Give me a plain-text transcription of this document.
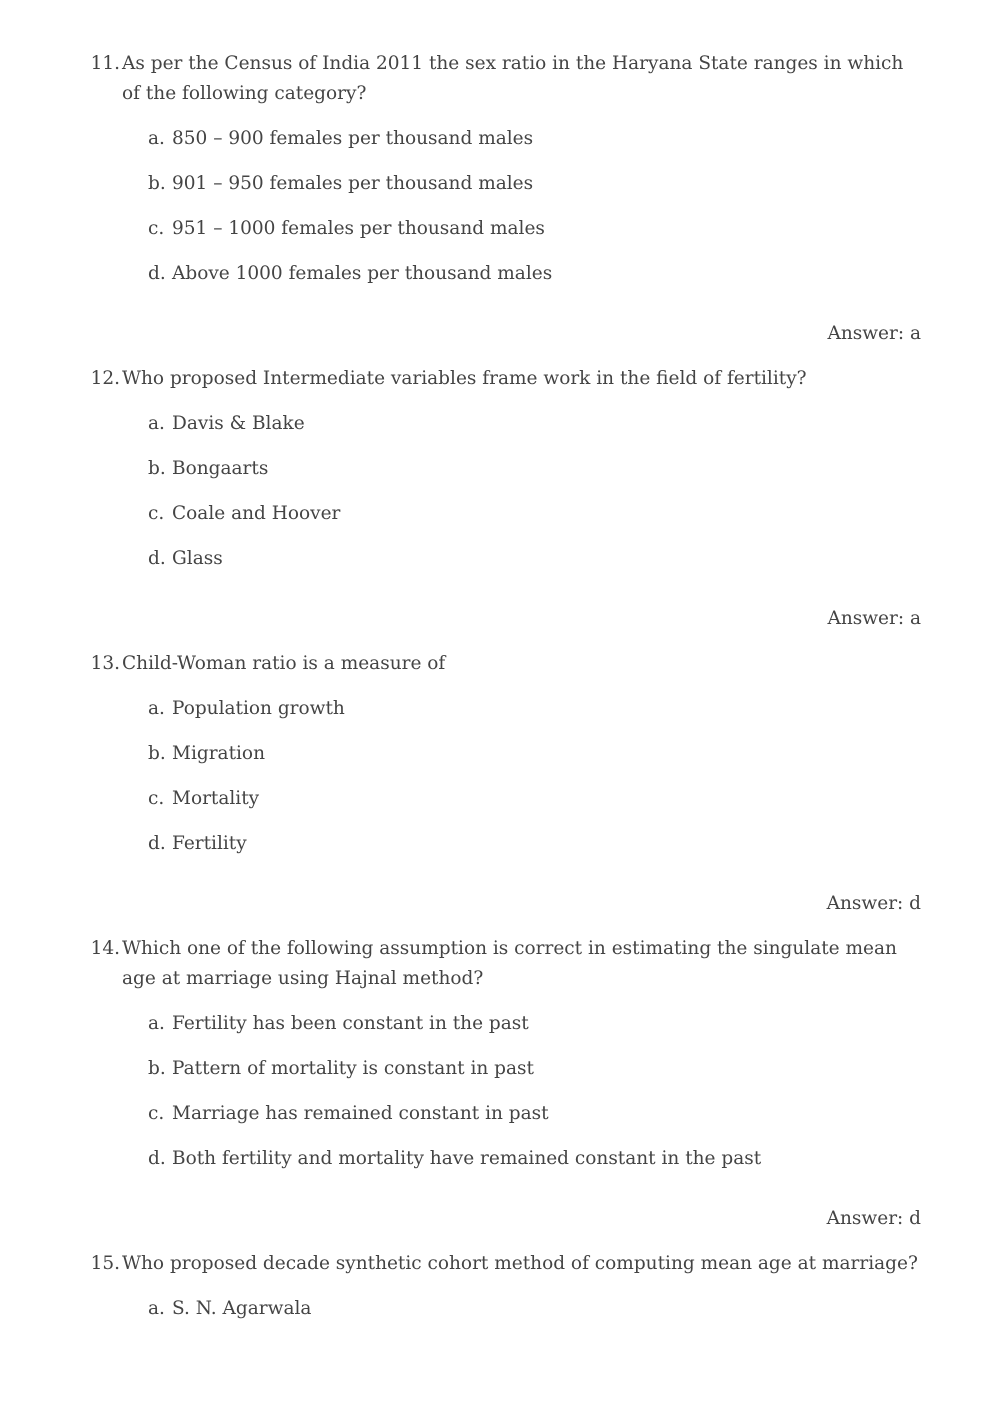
11. As per the Census of India 2011 the sex ratio in the Haryana State ranges in which of the following category?
a. 850 – 900 females per thousand males
b. 901 – 950 females per thousand males
c. 951 – 1000 females per thousand males
d. Above 1000 females per thousand males
Answer: a
12. Who proposed Intermediate variables frame work in the field of fertility?
a. Davis & Blake
b. Bongaarts
c. Coale and Hoover
d. Glass
Answer: a
13. Child-Woman ratio is a measure of
a. Population growth
b. Migration
c. Mortality
d. Fertility
Answer: d
14. Which one of the following assumption is correct in estimating the singulate mean age at marriage using Hajnal method?
a. Fertility has been constant in the past
b. Pattern of mortality is constant in past
c. Marriage has remained constant in past
d. Both fertility and mortality have remained constant in the past
Answer: d
15. Who proposed decade synthetic cohort method of computing mean age at marriage?
a. S. N. Agarwala
